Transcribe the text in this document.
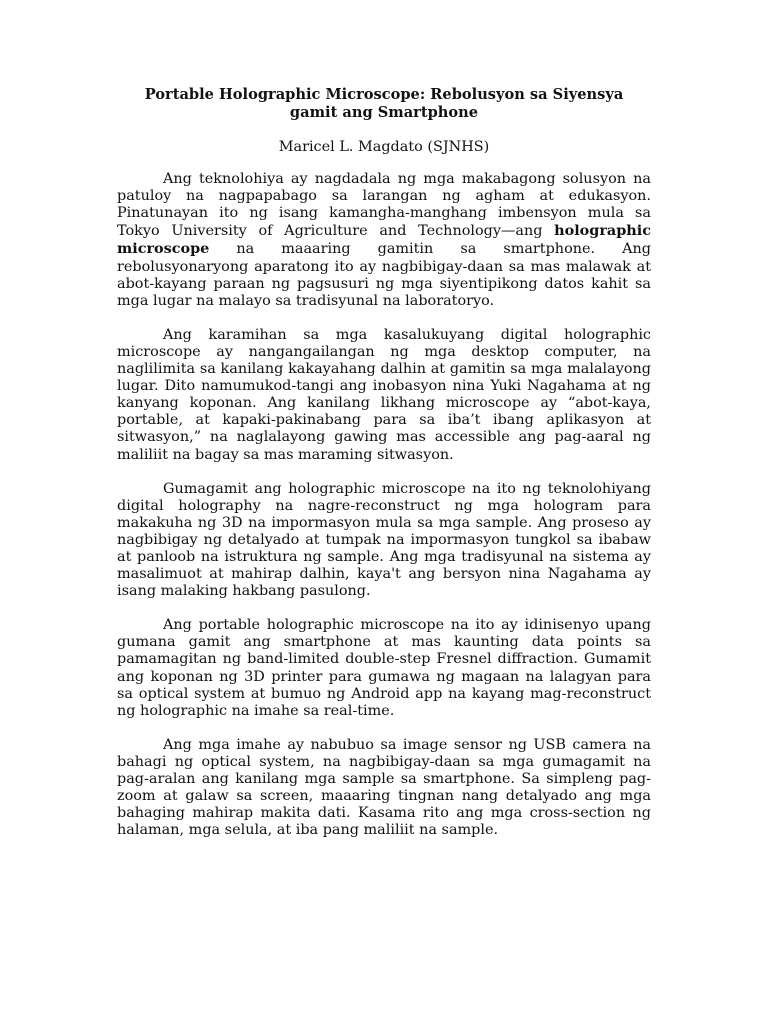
Portable Holographic Microscope: Rebolusyon sa Siyensya
gamit ang Smartphone

Maricel L. Magdato (SJNHS)

Ang teknolohiya ay nagdadala ng mga makabagong solusyon na patuloy na nagpapabago sa larangan ng agham at edukasyon. Pinatunayan ito ng isang kamangha-manghang imbensyon mula sa Tokyo University of Agriculture and Technology—ang holographic microscope na maaaring gamitin sa smartphone. Ang rebolusyonaryong aparatong ito ay nagbibigay-daan sa mas malawak at abot-kayang paraan ng pagsusuri ng mga siyentipikong datos kahit sa mga lugar na malayo sa tradisyunal na laboratoryo.

Ang karamihan sa mga kasalukuyang digital holographic microscope ay nangangailangan ng mga desktop computer, na naglilimita sa kanilang kakayahang dalhin at gamitin sa mga malalayong lugar. Dito namumukod-tangi ang inobasyon nina Yuki Nagahama at ng kanyang koponan. Ang kanilang likhang microscope ay “abot-kaya, portable, at kapaki-pakinabang para sa iba’t ibang aplikasyon at sitwasyon,” na naglalayong gawing mas accessible ang pag-aaral ng maliliit na bagay sa mas maraming sitwasyon.

Gumagamit ang holographic microscope na ito ng teknolohiyang digital holography na nagre-reconstruct ng mga hologram para makakuha ng 3D na impormasyon mula sa mga sample. Ang proseso ay nagbibigay ng detalyado at tumpak na impormasyon tungkol sa ibabaw at panloob na istruktura ng sample. Ang mga tradisyunal na sistema ay masalimuot at mahirap dalhin, kaya't ang bersyon nina Nagahama ay isang malaking hakbang pasulong.

Ang portable holographic microscope na ito ay idinisenyo upang gumana gamit ang smartphone at mas kaunting data points sa pamamagitan ng band-limited double-step Fresnel diffraction. Gumamit ang koponan ng 3D printer para gumawa ng magaan na lalagyan para sa optical system at bumuo ng Android app na kayang mag-reconstruct ng holographic na imahe sa real-time.

Ang mga imahe ay nabubuo sa image sensor ng USB camera na bahagi ng optical system, na nagbibigay-daan sa mga gumagamit na pag-aralan ang kanilang mga sample sa smartphone. Sa simpleng pag-zoom at galaw sa screen, maaaring tingnan nang detalyado ang mga bahaging mahirap makita dati. Kasama rito ang mga cross-section ng halaman, mga selula, at iba pang maliliit na sample.
